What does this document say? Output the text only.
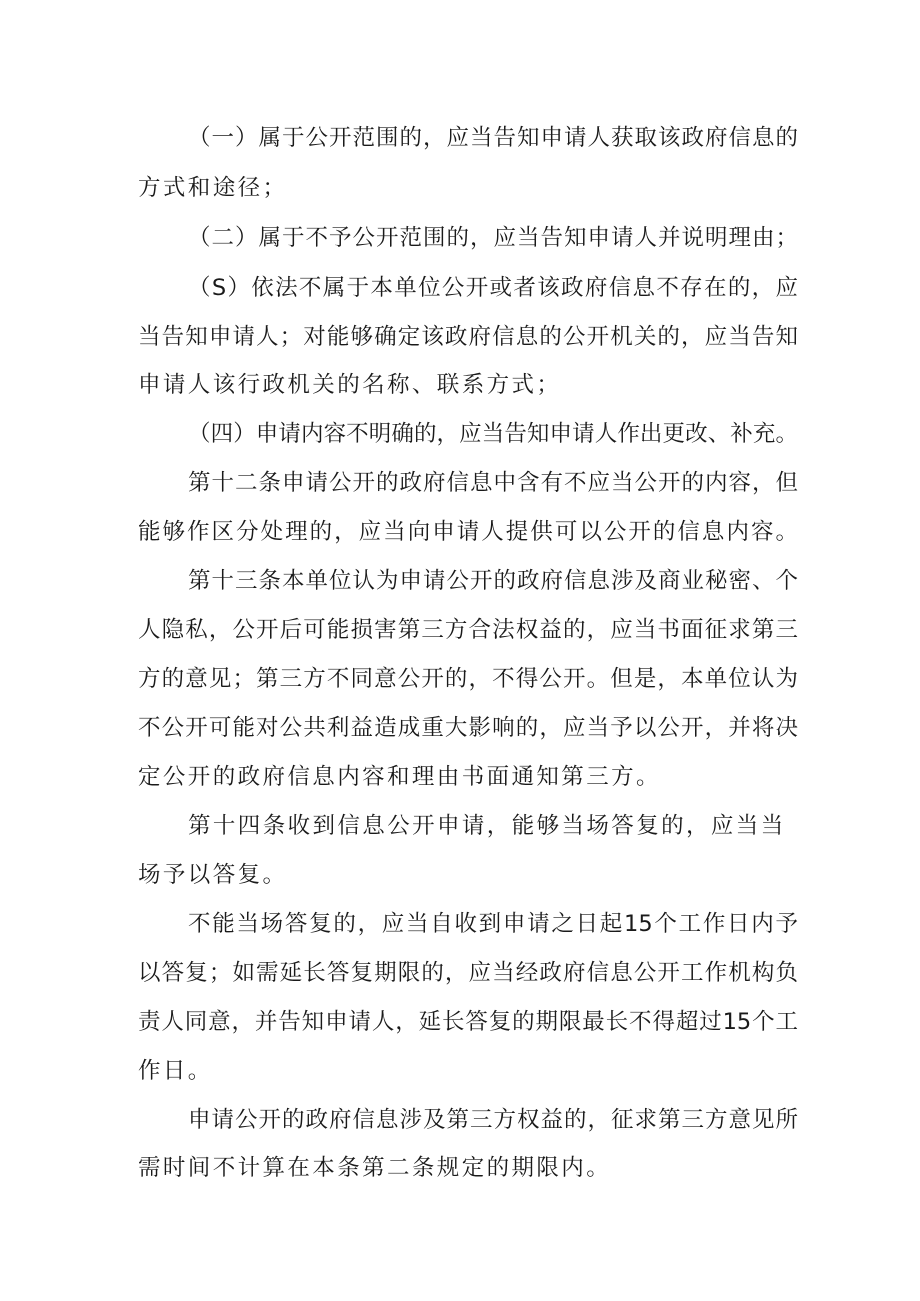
（一）属于公开范围的，应当告知申请人获取该政府信息的
方式和途径；
（二）属于不予公开范围的，应当告知申请人并说明理由；
（S）依法不属于本单位公开或者该政府信息不存在的，应
当告知申请人；对能够确定该政府信息的公开机关的，应当告知
申请人该行政机关的名称、联系方式；
（四）申请内容不明确的，应当告知申请人作出更改、补充。
第十二条申请公开的政府信息中含有不应当公开的内容，但
能够作区分处理的，应当向申请人提供可以公开的信息内容。
第十三条本单位认为申请公开的政府信息涉及商业秘密、个
人隐私，公开后可能损害第三方合法权益的，应当书面征求第三
方的意见；第三方不同意公开的，不得公开。但是，本单位认为
不公开可能对公共利益造成重大影响的，应当予以公开，并将决
定公开的政府信息内容和理由书面通知第三方。
第十四条收到信息公开申请，能够当场答复的，应当当
场予以答复。
不能当场答复的，应当自收到申请之日起15个工作日内予
以答复；如需延长答复期限的，应当经政府信息公开工作机构负
责人同意，并告知申请人，延长答复的期限最长不得超过15个工
作日。
申请公开的政府信息涉及第三方权益的，征求第三方意见所
需时间不计算在本条第二条规定的期限内。
